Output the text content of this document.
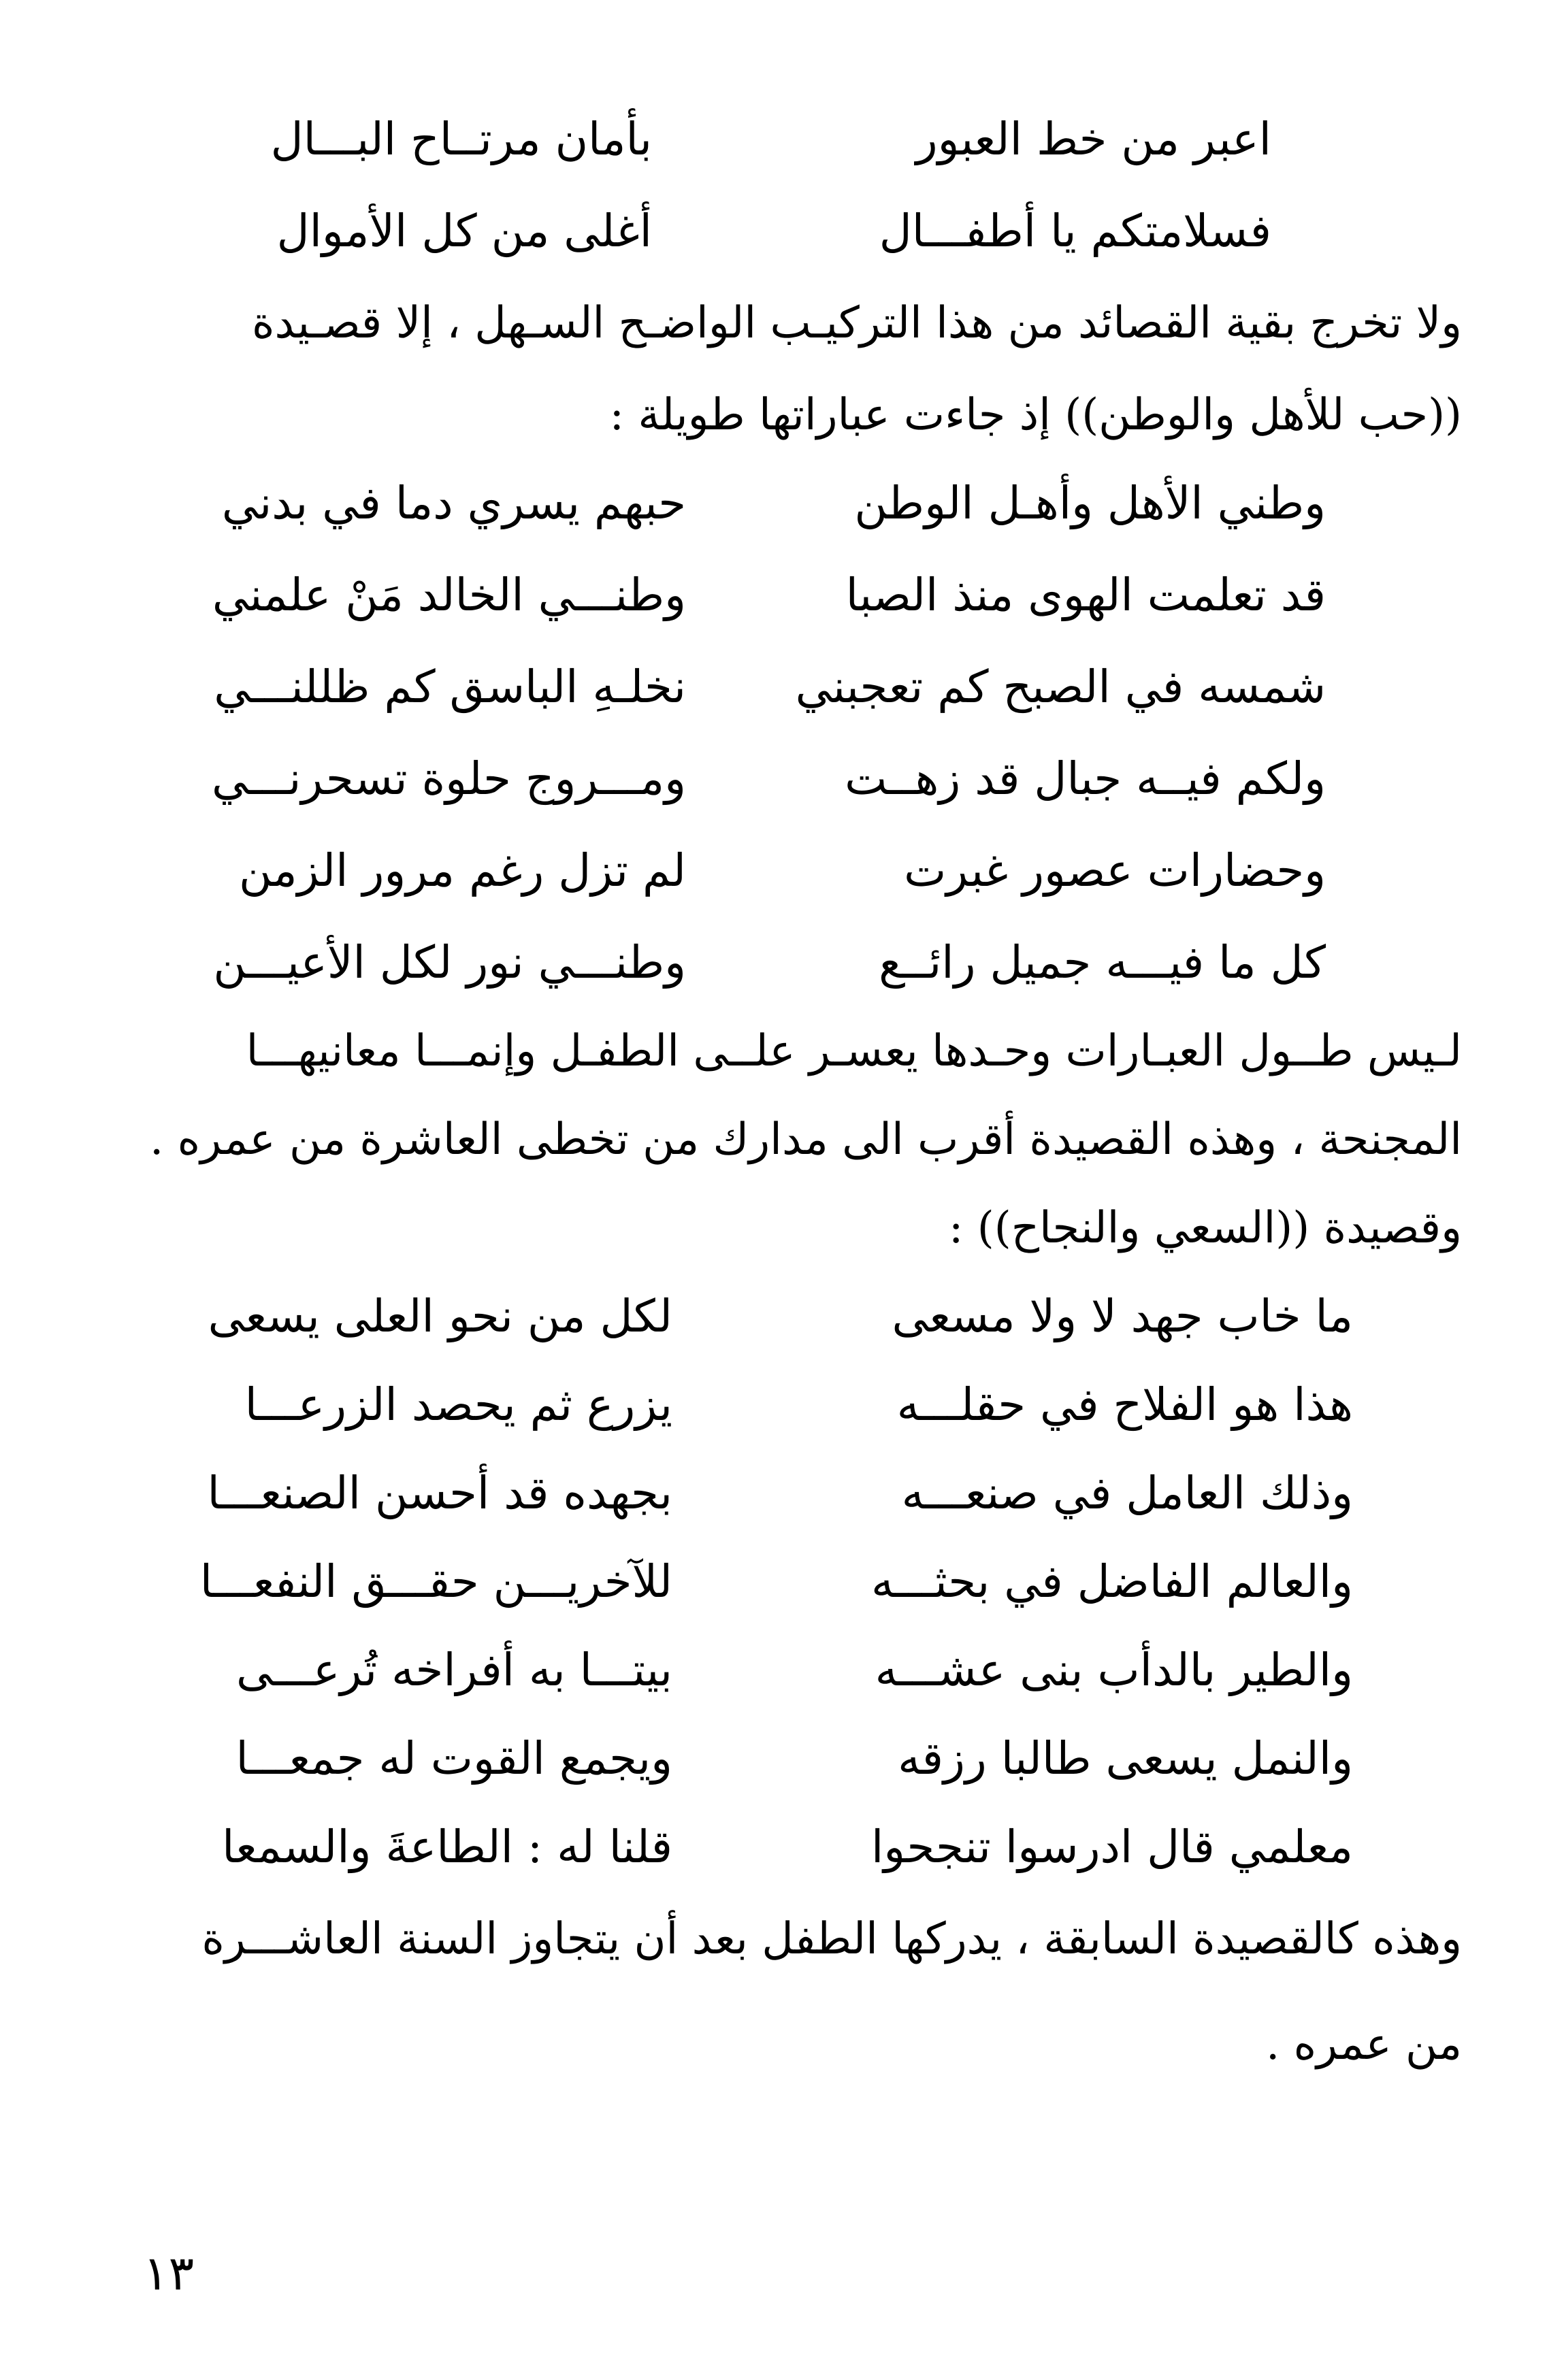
اعبر من خط العبور
بأمان مرتــاح البـــال
فسلامتكم يا أطفـــال
أغلى من كل الأموال
ولا تخرج بقية القصائد من هذا التركيـب الواضـح السـهل ، إلا قصـيدة
((حب للأهل والوطن)) إذ جاءت عباراتها طويلة :
وطني الأهل وأهـل الوطن
حبهم يسري دما في بدني
قد تعلمت الهوى منذ الصبا
وطنـــي الخالد مَنْ علمني
شمسه في الصبح كم تعجبني
نخلـهِ الباسق كم ظللنـــي
ولكم فيــه جبال قد زهــت
ومـــروج حلوة تسحرنـــي
وحضارات عصور غبرت
لم تزل رغم مرور الزمن
كل ما فيـــه جميل رائــع
وطنـــي نور لكل الأعيـــن
لـيس طــول العبـارات وحـدها يعسـر علــى الطفـل وإنمـــا معانيهـــا
المجنحة ، وهذه القصيدة أقرب الى مدارك من تخطى العاشرة من عمره .
وقصيدة ((السعي والنجاح)) :
ما خاب جهد لا ولا مسعى
لكل من نحو العلى يسعى
هذا هو الفلاح في حقلـــه
يزرع ثم يحصد الزرعـــا
وذلك العامل في صنعـــه
بجهده قد أحسن الصنعـــا
والعالم الفاضل في بحثـــه
للآخريـــن حقـــق النفعـــا
والطير بالدأب بنى عشـــه
بيتـــا به أفراخه تُرعـــى
والنمل يسعى طالبا رزقه
ويجمع القوت له جمعـــا
معلمي قال ادرسوا تنجحوا
قلنا له : الطاعةَ والسمعا
وهذه كالقصيدة السابقة ، يدركها الطفل بعد أن يتجاوز السنة العاشـــرة
من عمره .
١٣
